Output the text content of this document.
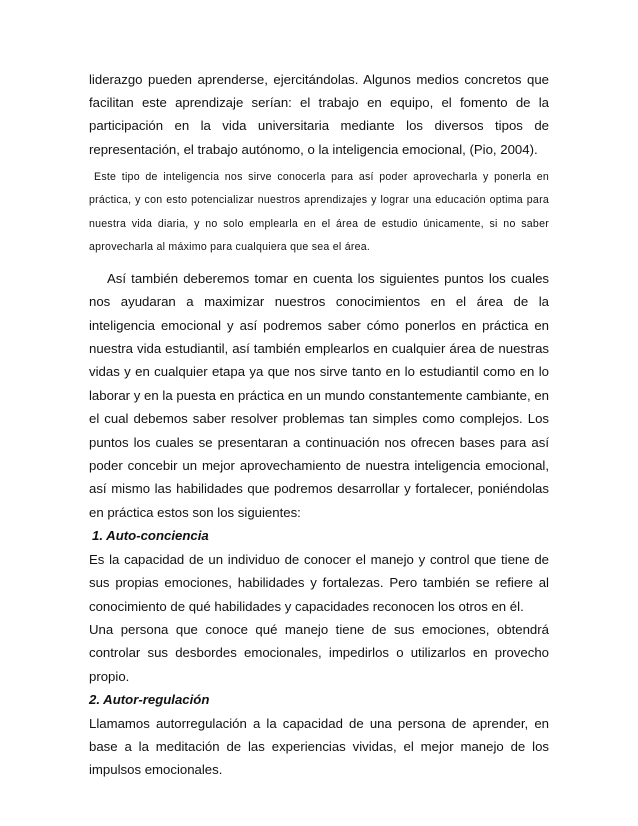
liderazgo pueden aprenderse, ejercitándolas. Algunos medios concretos que facilitan este aprendizaje serían: el trabajo en equipo, el fomento de la participación en la vida universitaria mediante los diversos tipos de representación, el trabajo autónomo, o la inteligencia emocional, (Pio, 2004).

Este tipo de inteligencia nos sirve conocerla para así poder aprovecharla y ponerla en práctica, y con esto potencializar nuestros aprendizajes y lograr una educación optima para nuestra vida diaria, y no solo emplearla en el área de estudio únicamente, si no saber aprovecharla al máximo para cualquiera que sea el área.

Así también deberemos tomar en cuenta los siguientes puntos los cuales nos ayudaran a maximizar nuestros conocimientos en el área de la inteligencia emocional y así podremos saber cómo ponerlos en práctica en nuestra vida estudiantil, así también emplearlos en cualquier área de nuestras vidas y en cualquier etapa ya que nos sirve tanto en lo estudiantil como en lo laborar y en la puesta en práctica en un mundo constantemente cambiante, en el cual debemos saber resolver problemas tan simples como complejos. Los puntos los cuales se presentaran a continuación nos ofrecen bases para así poder concebir un mejor aprovechamiento de nuestra inteligencia emocional, así mismo las habilidades que podremos desarrollar y fortalecer, poniéndolas en práctica estos son los siguientes:

1. Auto-conciencia

Es la capacidad de un individuo de conocer el manejo y control que tiene de sus propias emociones, habilidades y fortalezas. Pero también se refiere al conocimiento de qué habilidades y capacidades reconocen los otros en él.

Una persona que conoce qué manejo tiene de sus emociones, obtendrá controlar sus desbordes emocionales, impedirlos o utilizarlos en provecho propio.

2. Autor-regulación

Llamamos autorregulación a la capacidad de una persona de aprender, en base a la meditación de las experiencias vividas, el mejor manejo de los impulsos emocionales.
